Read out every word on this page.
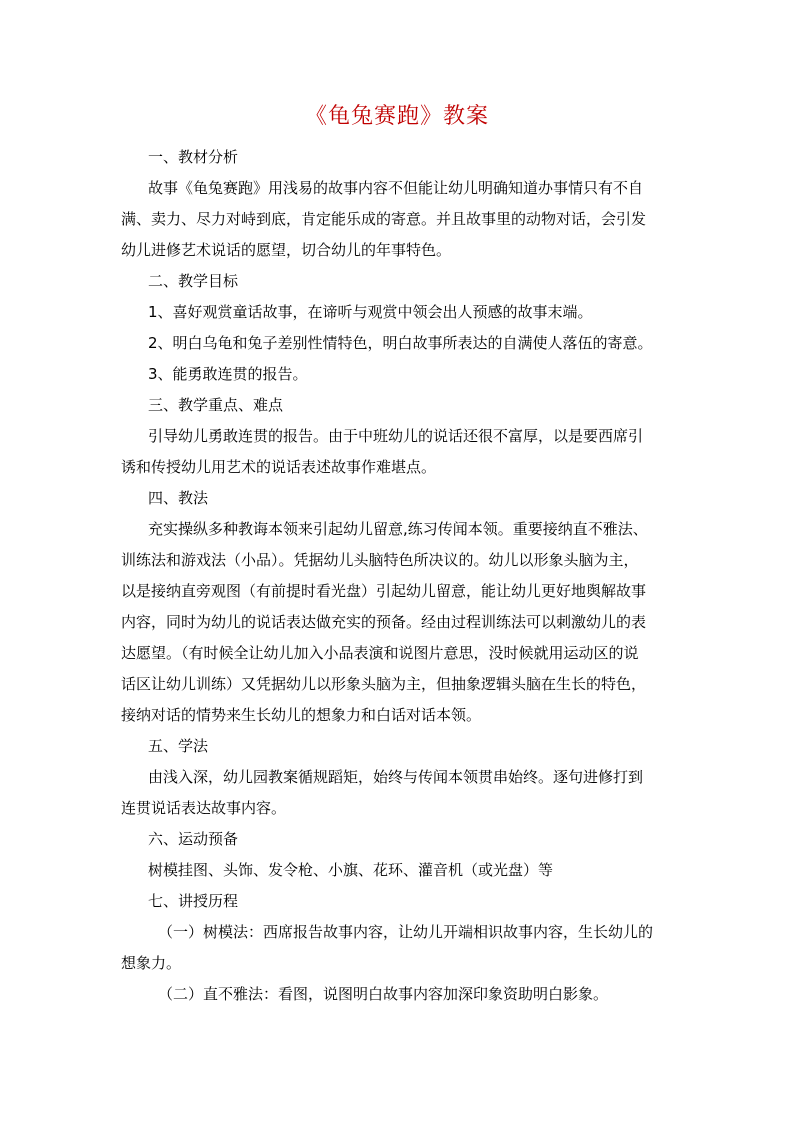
《龟兔赛跑》教案
一、教材分析
故事《龟兔赛跑》用浅易的故事内容不但能让幼儿明确知道办事情只有不自
满、卖力、尽力对峙到底，肯定能乐成的寄意。并且故事里的动物对话，会引发
幼儿进修艺术说话的愿望，切合幼儿的年事特色。
二、教学目标
1、喜好观赏童话故事，在谛听与观赏中领会出人预感的故事末端。
2、明白乌龟和兔子差别性情特色，明白故事所表达的自满使人落伍的寄意。
3、能勇敢连贯的报告。
三、教学重点、难点
引导幼儿勇敢连贯的报告。由于中班幼儿的说话还很不富厚，以是要西席引
诱和传授幼儿用艺术的说话表述故事作难堪点。
四、教法
充实操纵多种教诲本领来引起幼儿留意,练习传闻本领。重要接纳直不雅法、
训练法和游戏法（小品）。凭据幼儿头脑特色所决议的。幼儿以形象头脑为主，
以是接纳直旁观图（有前提时看光盘）引起幼儿留意，能让幼儿更好地舆解故事
内容，同时为幼儿的说话表达做充实的预备。经由过程训练法可以刺激幼儿的表
达愿望。（有时候全让幼儿加入小品表演和说图片意思，没时候就用运动区的说
话区让幼儿训练）又凭据幼儿以形象头脑为主，但抽象逻辑头脑在生长的特色，
接纳对话的情势来生长幼儿的想象力和白话对话本领。
五、学法
由浅入深，幼儿园教案循规蹈矩，始终与传闻本领贯串始终。逐句进修打到
连贯说话表达故事内容。
六、运动预备
树模挂图、头饰、发令枪、小旗、花环、灌音机（或光盘）等
七、讲授历程
（一）树模法：西席报告故事内容，让幼儿开端相识故事内容，生长幼儿的
想象力。
（二）直不雅法：看图，说图明白故事内容加深印象资助明白影象。
